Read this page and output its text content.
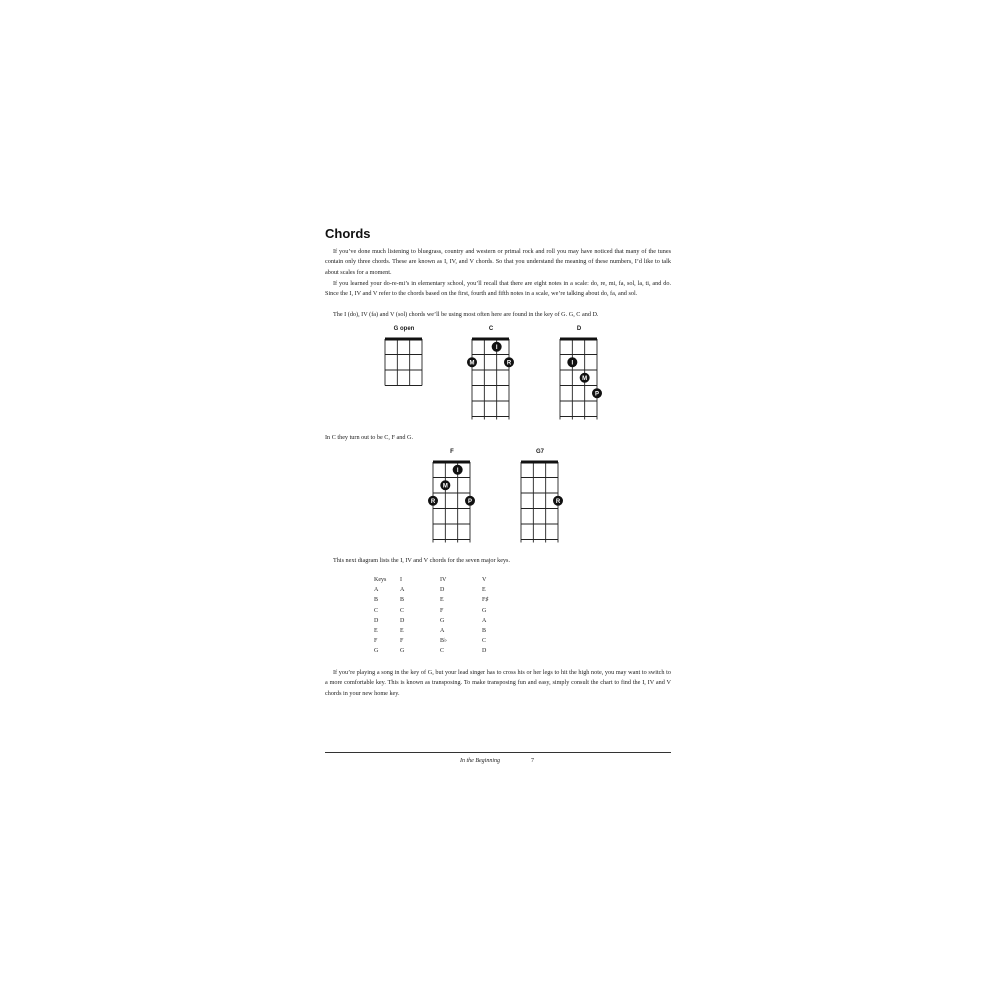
Chords

If you’ve done much listening to bluegrass, country and western or primal rock and roll you may have noticed that many of the tunes contain only three chords. These are known as I, IV, and V chords. So that you understand the meaning of these numbers, I’d like to talk about scales for a moment.

If you learned your do-re-mi’s in elementary school, you’ll recall that there are eight notes in a scale: do, re, mi, fa, sol, la, ti, and do. Since the I, IV and V refer to the chords based on the first, fourth and fifth notes in a scale, we’re talking about do, fa, and sol.

The I (do), IV (fa) and V (sol) chords we’ll be using most often here are found in the key of G. G, C and D.

G open	C
I
M	R
D
I
M
P

In C they turn out to be C, F and G.

F
I
M
R	P
G7
R

This next diagram lists the I, IV and V chords for the seven major keys.

Keys	I	IV	V
A	A	D	E
B	B	E	F♯
C	C	F	G
D	D	G	A
E	E	A	B
F	F	B♭	C
G	G	C	D

If you’re playing a song in the key of G, but your lead singer has to cross his or her legs to hit the high note, you may want to switch to a more comfortable key. This is known as transposing. To make transposing fun and easy, simply consult the chart to find the I, IV and V chords in your new home key.

In the Beginning	7
